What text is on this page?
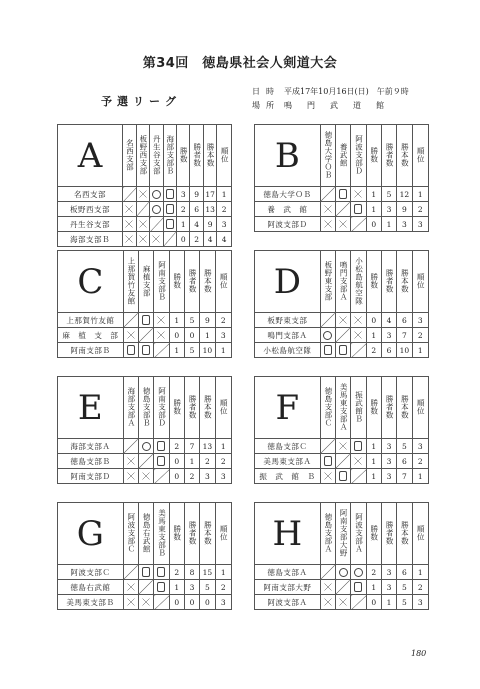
第34回　徳島県社会人剣道大会
予選リーグ
日時 平成17年10月16日(日)　午前９時
場所 鳴門武道館
A	名西支部	板野西支部	丹生谷支部	海部支部Ｂ	勝数	勝者数	勝本数	順位
名西支部					3	9	17	1
板野西支部					2	6	13	2
丹生谷支部					1	4	9	3
海部支部Ｂ					0	2	4	4
B	徳島大学ＯＢ	養武館	阿波支部Ｄ	勝数	勝者数	勝本数	順位
徳島大学ＯＢ				1	5	12	1
養　武　館				1	3	9	2
阿波支部Ｄ				0	1	3	3
C	上那賀竹友館	麻植支部	阿南支部Ｂ	勝数	勝者数	勝本数	順位
上那賀竹友館				1	5	9	2
麻　植　支　部				0	0	1	3
阿南支部Ｂ				1	5	10	1
D	板野東支部	鳴門支部Ａ	小松島航空隊	勝数	勝者数	勝本数	順位
板野東支部				0	4	6	3
鳴門支部Ａ				1	3	7	2
小松島航空隊				2	6	10	1
E	海部支部Ａ	徳島支部Ｂ	阿南支部Ｄ	勝数	勝者数	勝本数	順位
海部支部Ａ				2	7	13	1
徳島支部Ｂ				0	1	2	2
阿南支部Ｄ				0	2	3	3
F	徳島支部Ｃ	美馬東支部Ａ	振武館Ｂ	勝数	勝者数	勝本数	順位
徳島支部Ｃ				1	3	5	3
美馬東支部Ａ				1	3	6	2
振　武　館　Ｂ				1	3	7	1
G	阿波支部Ｃ	徳島右武館	美馬東支部Ｂ	勝数	勝者数	勝本数	順位
阿波支部Ｃ				2	8	15	1
徳島右武館				1	3	5	2
美馬東支部Ｂ				0	0	0	3
H	徳島支部Ａ	阿南支部大野	阿波支部Ａ	勝数	勝者数	勝本数	順位
徳島支部Ａ				2	3	6	1
阿南支部大野				1	3	5	2
阿波支部Ａ				0	1	5	3
180
